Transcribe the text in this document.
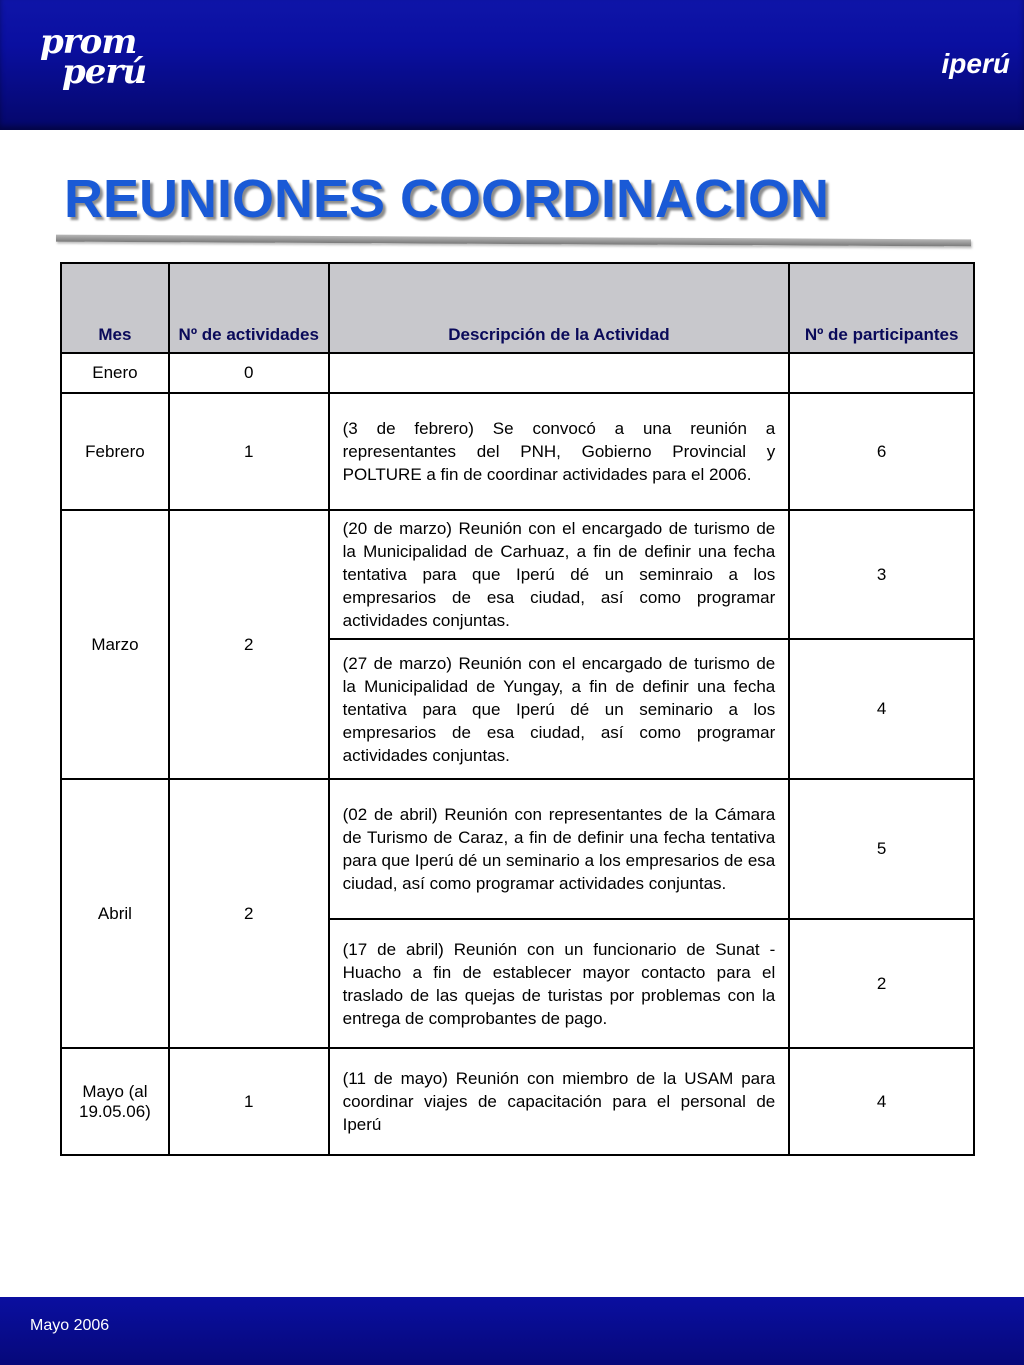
prom
perú	iperú
REUNIONES COORDINACION
Mes	Nº de actividades	Descripción de la Actividad	Nº de participantes
Enero	0		
Febrero	1	(3 de febrero) Se convocó a una reunión a representantes del PNH, Gobierno Provincial y POLTURE a fin de coordinar actividades para el 2006.	6
Marzo	2	(20 de marzo) Reunión con el encargado de turismo de la Municipalidad de Carhuaz, a fin de definir una fecha tentativa para que Iperú dé un seminraio a los empresarios de esa ciudad, así como programar actividades conjuntas.	3
		(27 de marzo) Reunión con el encargado de turismo de la Municipalidad de Yungay, a fin de definir una fecha tentativa para que Iperú dé un seminario a los empresarios de esa ciudad, así como programar actividades conjuntas.	4
Abril	2	(02 de abril) Reunión con representantes de la Cámara de Turismo de Caraz, a fin de definir una fecha tentativa para que Iperú dé un seminario a los empresarios de esa ciudad, así como programar actividades conjuntas.	5
		(17 de abril) Reunión con un funcionario de Sunat - Huacho a fin de establecer mayor contacto para el traslado de las quejas de turistas por problemas con la entrega de comprobantes de pago.	2
Mayo (al 19.05.06)	1	(11 de mayo) Reunión con miembro de la USAM para coordinar viajes de capacitación para el personal de Iperú	4
Mayo 2006
